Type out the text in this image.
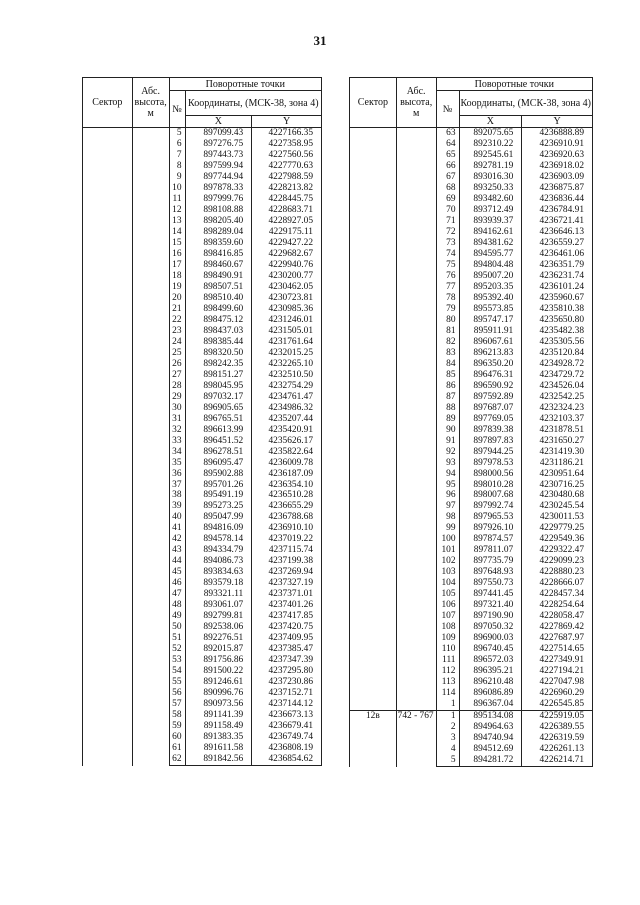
31
Сектор	Абс. высота, м	Поворотные точки		
		№	Координаты, (МСК-38, зона 4)	
			Х	Y
		5	897099.43	4227166.35
		6	897276.75	4227358.95
		7	897443.73	4227560.56
		8	897599.94	4227770.63
		9	897744.94	4227988.59
		10	897878.33	4228213.82
		11	897999.76	4228445.75
		12	898108.88	4228683.71
		13	898205.40	4228927.05
		14	898289.04	4229175.11
		15	898359.60	4229427.22
		16	898416.85	4229682.67
		17	898460.67	4229940.76
		18	898490.91	4230200.77
		19	898507.51	4230462.05
		20	898510.40	4230723.81
		21	898499.60	4230985.36
		22	898475.12	4231246.01
		23	898437.03	4231505.01
		24	898385.44	4231761.64
		25	898320.50	4232015.25
		26	898242.35	4232265.10
		27	898151.27	4232510.50
		28	898045.95	4232754.29
		29	897032.17	4234761.47
		30	896905.65	4234986.32
		31	896765.51	4235207.44
		32	896613.99	4235420.91
		33	896451.52	4235626.17
		34	896278.51	4235822.64
		35	896095.47	4236009.78
		36	895902.88	4236187.09
		37	895701.26	4236354.10
		38	895491.19	4236510.28
		39	895273.25	4236655.29
		40	895047.99	4236788.68
		41	894816.09	4236910.10
		42	894578.14	4237019.22
		43	894334.79	4237115.74
		44	894086.73	4237199.38
		45	893834.63	4237269.94
		46	893579.18	4237327.19
		47	893321.11	4237371.01
		48	893061.07	4237401.26
		49	892799.81	4237417.85
		50	892538.06	4237420.75
		51	892276.51	4237409.95
		52	892015.87	4237385.47
		53	891756.86	4237347.39
		54	891500.22	4237295.80
		55	891246.61	4237230.86
		56	890996.76	4237152.71
		57	890973.56	4237144.12
		58	891141.39	4236673.13
		59	891158.49	4236679.41
		60	891383.35	4236749.74
		61	891611.58	4236808.19
		62	891842.56	4236854.62
Сектор	Абс. высота, м	Поворотные точки		
		№	Координаты, (МСК-38, зона 4)	
			Х	Y
		63	892075.65	4236888.89
		64	892310.22	4236910.91
		65	892545.61	4236920.63
		66	892781.19	4236918.02
		67	893016.30	4236903.09
		68	893250.33	4236875.87
		69	893482.60	4236836.44
		70	893712.49	4236784.91
		71	893939.37	4236721.41
		72	894162.61	4236646.13
		73	894381.62	4236559.27
		74	894595.77	4236461.06
		75	894804.48	4236351.79
		76	895007.20	4236231.74
		77	895203.35	4236101.24
		78	895392.40	4235960.67
		79	895573.85	4235810.38
		80	895747.17	4235650.80
		81	895911.91	4235482.38
		82	896067.61	4235305.56
		83	896213.83	4235120.84
		84	896350.20	4234928.72
		85	896476.31	4234729.72
		86	896590.92	4234526.04
		87	897592.89	4232542.25
		88	897687.07	4232324.23
		89	897769.05	4232103.37
		90	897839.38	4231878.51
		91	897897.83	4231650.27
		92	897944.25	4231419.30
		93	897978.53	4231186.21
		94	898000.56	4230951.64
		95	898010.28	4230716.25
		96	898007.68	4230480.68
		97	897992.74	4230245.54
		98	897965.53	4230011.53
		99	897926.10	4229779.25
		100	897874.57	4229549.36
		101	897811.07	4229322.47
		102	897735.79	4229099.23
		103	897648.93	4228880.23
		104	897550.73	4228666.07
		105	897441.45	4228457.34
		106	897321.40	4228254.64
		107	897190.90	4228058.47
		108	897050.32	4227869.42
		109	896900.03	4227687.97
		110	896740.45	4227514.65
		111	896572.03	4227349.91
		112	896395.21	4227194.21
		113	896210.48	4227047.98
		114	896086.89	4226960.29
		1	896367.04	4226545.85
12в	742 - 767	1	895134.08	4225919.05
		2	894964.63	4226389.55
		3	894740.94	4226319.59
		4	894512.69	4226261.13
		5	894281.72	4226214.71
